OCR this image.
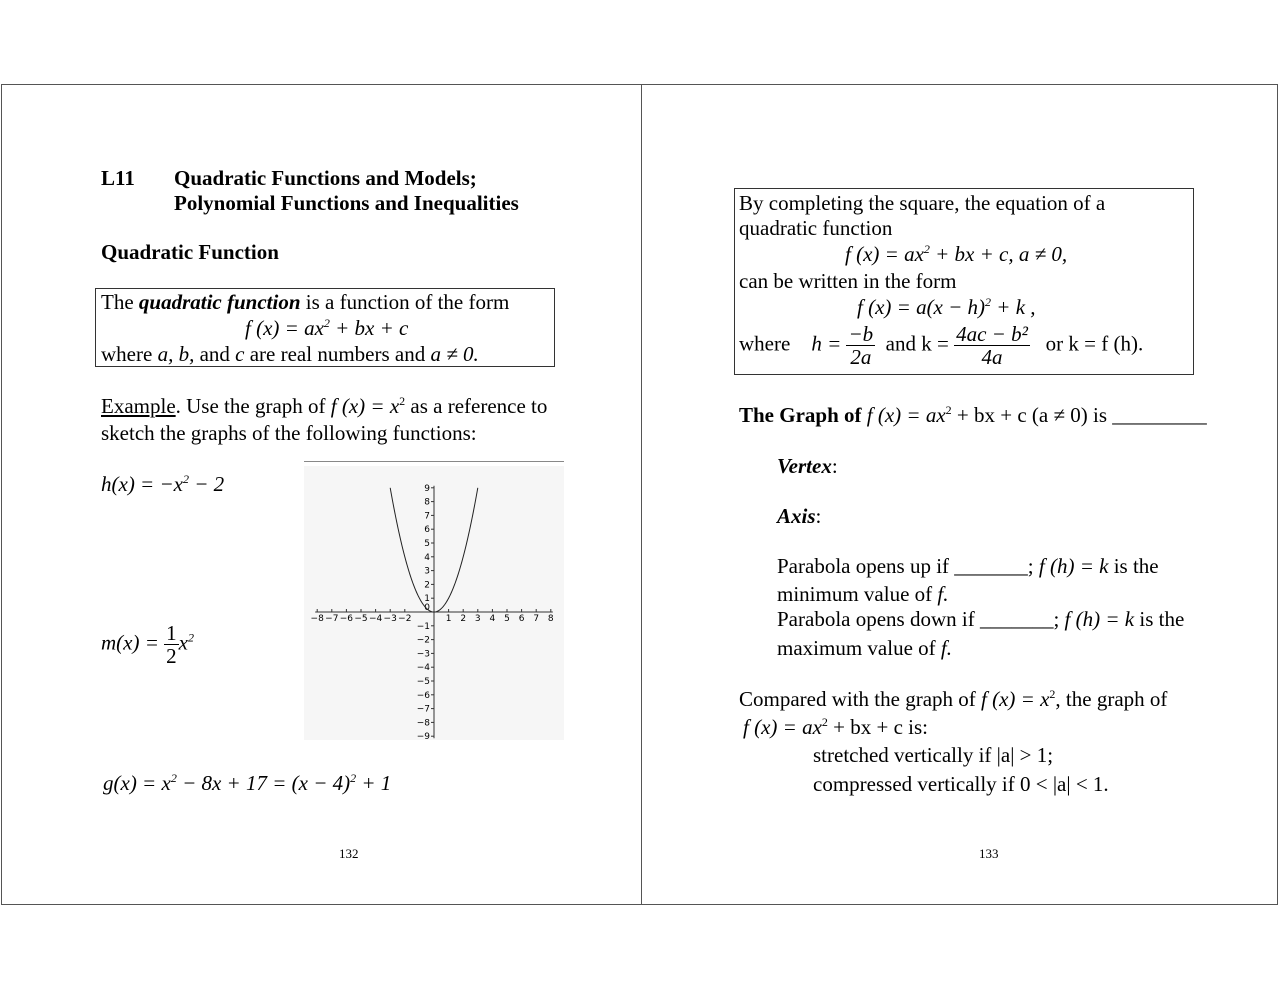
L11 Quadratic Functions and Models;
Polynomial Functions and Inequalities
Quadratic Function
The quadratic function is a function of the form
f $(x) = ax^2$ + bx + c
where a, b, and c are real numbers and a ≠ 0.
Example. Use the graph of f $(x) = x^2$ as a reference to
sketch the graphs of the following functions:
$h(x) = -x^2 - 2$
$m(x) = \frac{1}{2} x^2$
−8 −7 −6 −5 −4 −3 −2	1 2 3 4 5 6 7 8
1
2
3
4
5
6
7
8
9
−1
−2
−3
−4
−5
−6
−7
−8
−9
0
$g(x) = x^2 - 8x + 17 = (x - 4)^2 + 1$
132
By completing the square, the equation of a
quadratic function
f $(x) = ax^2$ + bx + c, a ≠ 0,
can be written in the form
f $(x) = a(x - h)^2 + k$ ,
where $h = \frac{-b}{2a}$ and $k = \frac{\text{4ac − b²}}{4a}$ or k = f (h).
The Graph of f $(x) = ax^2$ + bx + c (a ≠ 0) is _________
Vertex:
Axis:
Parabola opens up if _______; f (h) = k is the
minimum value of f.
Parabola opens down if _______; f (h) = k is the
maximum value of f.
Compared with the graph of f $(x) = x^2$, the graph of
f $(x) = ax^2$ + bx + c is:
stretched vertically if |a| > 1;
compressed vertically if 0 < |a| < 1.
133
